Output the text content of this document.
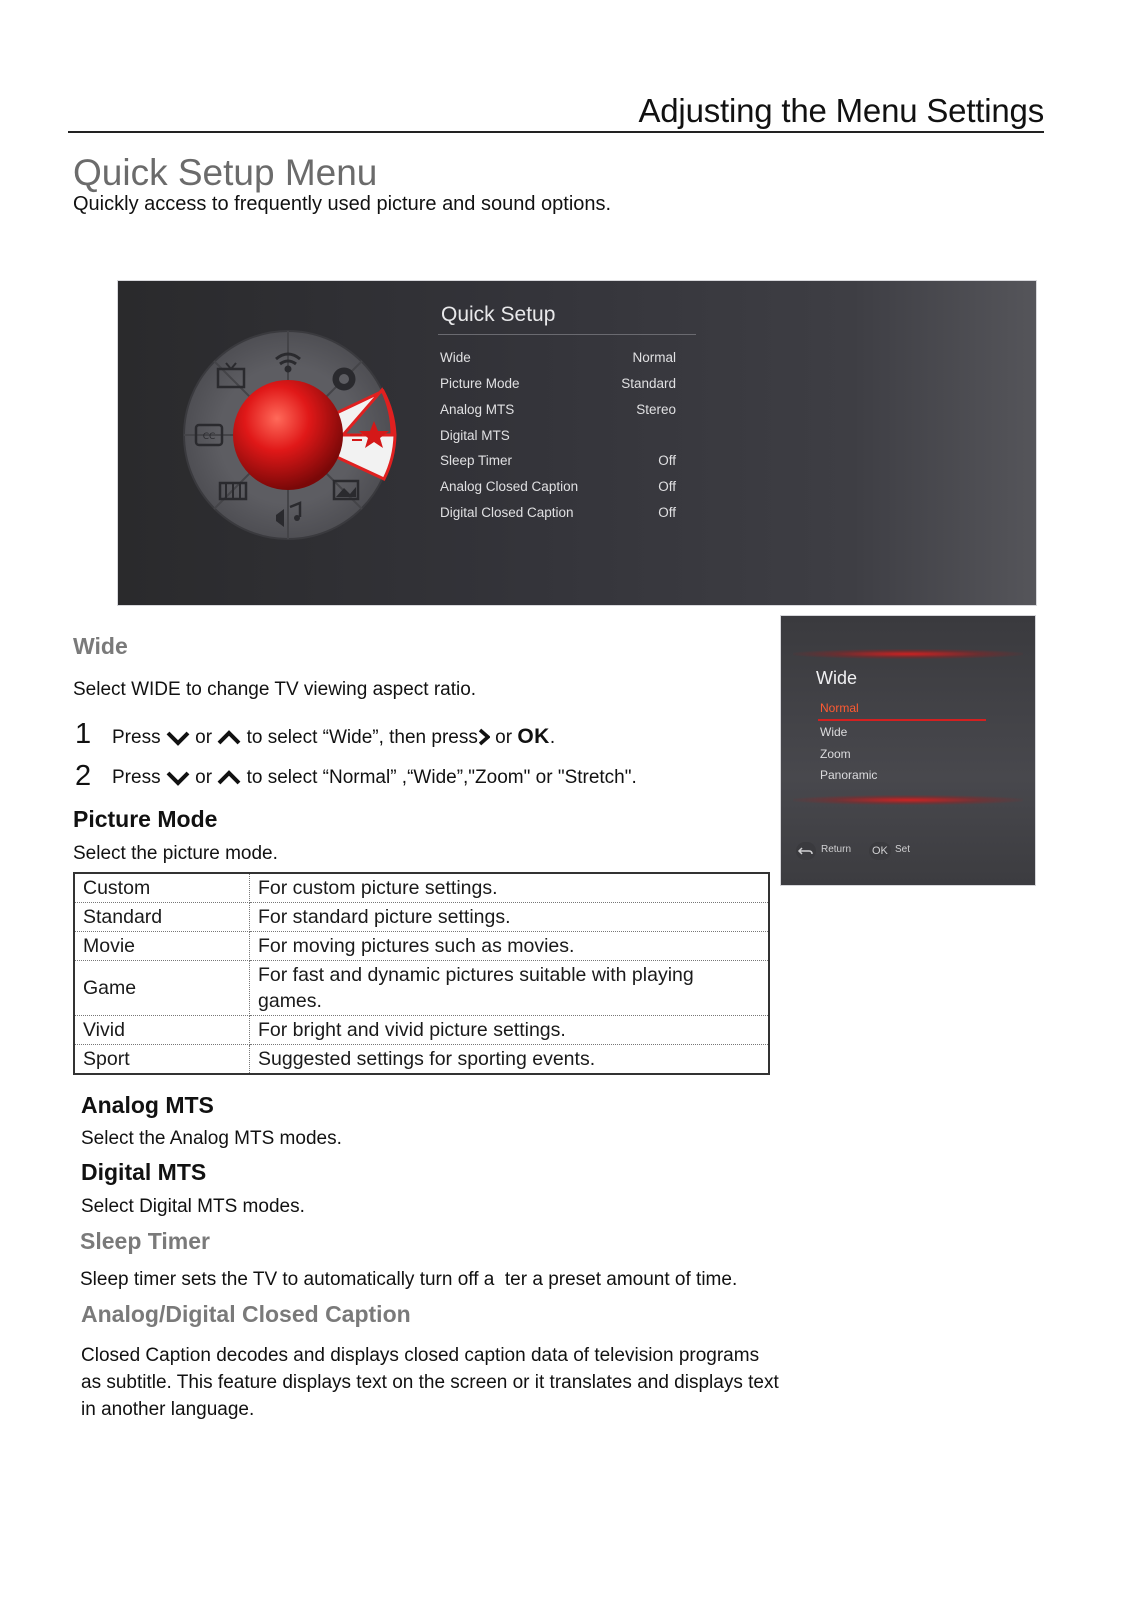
Adjusting the Menu Settings
Quick Setup Menu
Quickly access to frequently used picture and sound options.
CC
Quick Setup
Wide	Normal
Picture Mode	Standard
Analog MTS	Stereo
Digital MTS
Sleep Timer	Off
Analog Closed Caption	Off
Digital Closed Caption	Off
Wide
Normal
Wide
Zoom
Panoramic
Return OK Set
Wide
Select WIDE to change TV viewing aspect ratio.
1 Press or to select “Wide”, then press or OK.
2 Press or to select “Normal” ,“Wide”,"Zoom" or "Stretch".
Picture Mode
Select the picture mode.
Custom	For custom picture settings.
Standard	For standard picture settings.
Movie	For moving pictures such as movies.
Game	For fast and dynamic pictures suitable with playing games.
Vivid	For bright and vivid picture settings.
Sport	Suggested settings for sporting events.
Analog MTS
Select the Analog MTS modes.
Digital MTS
Select Digital MTS modes.
Sleep Timer
Sleep timer sets the TV to automatically turn off a  ter a preset amount of time.
Analog/Digital Closed Caption
Closed Caption decodes and displays closed caption data of television programs
as subtitle. This feature displays text on the screen or it translates and displays text
in another language.
